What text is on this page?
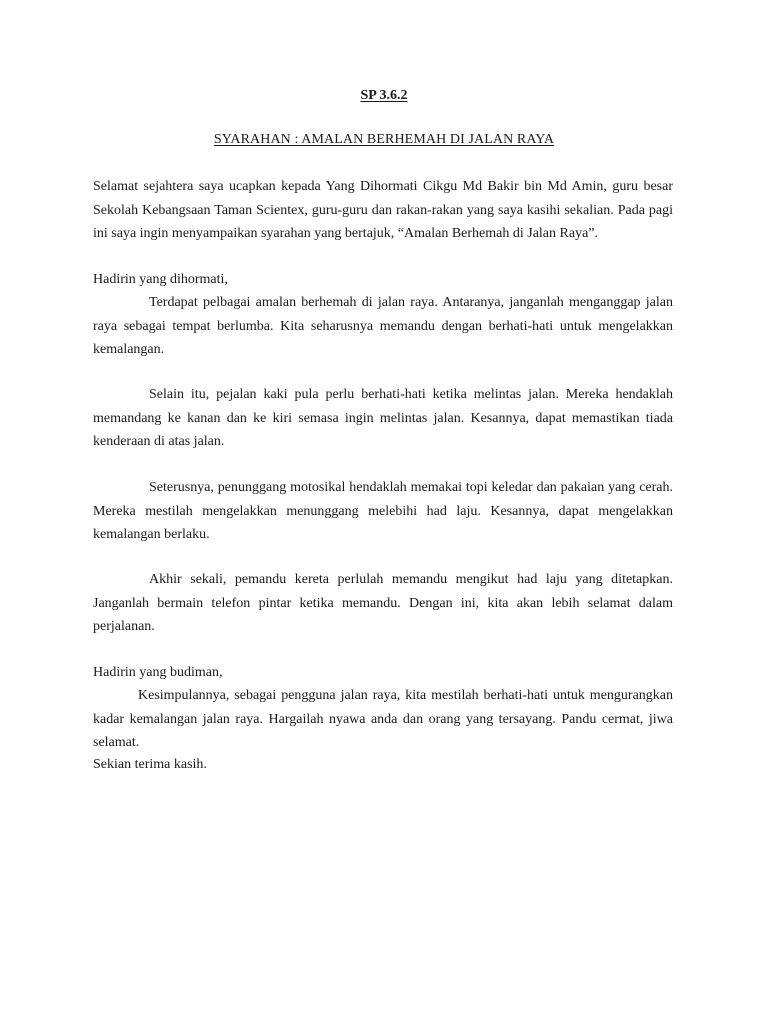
SP 3.6.2
SYARAHAN : AMALAN BERHEMAH DI JALAN RAYA

Selamat sejahtera saya ucapkan kepada Yang Dihormati Cikgu Md Bakir bin Md Amin, guru besar Sekolah Kebangsaan Taman Scientex, guru-guru dan rakan-rakan yang saya kasihi sekalian. Pada pagi ini saya ingin menyampaikan syarahan yang bertajuk, “Amalan Berhemah di Jalan Raya”.

Hadirin yang dihormati,

Terdapat pelbagai amalan berhemah di jalan raya. Antaranya, janganlah menganggap jalan raya sebagai tempat berlumba. Kita seharusnya memandu dengan berhati-hati untuk mengelakkan kemalangan.

Selain itu, pejalan kaki pula perlu berhati-hati ketika melintas jalan. Mereka hendaklah memandang ke kanan dan ke kiri semasa ingin melintas jalan. Kesannya, dapat memastikan tiada kenderaan di atas jalan.

Seterusnya, penunggang motosikal hendaklah memakai topi keledar dan pakaian yang cerah. Mereka mestilah mengelakkan menunggang melebihi had laju. Kesannya, dapat mengelakkan kemalangan berlaku.

Akhir sekali, pemandu kereta perlulah memandu mengikut had laju yang ditetapkan. Janganlah bermain telefon pintar ketika memandu. Dengan ini, kita akan lebih selamat dalam perjalanan.

Hadirin yang budiman,

Kesimpulannya, sebagai pengguna jalan raya, kita mestilah berhati-hati untuk mengurangkan kadar kemalangan jalan raya. Hargailah nyawa anda dan orang yang tersayang. Pandu cermat, jiwa selamat.

Sekian terima kasih.
